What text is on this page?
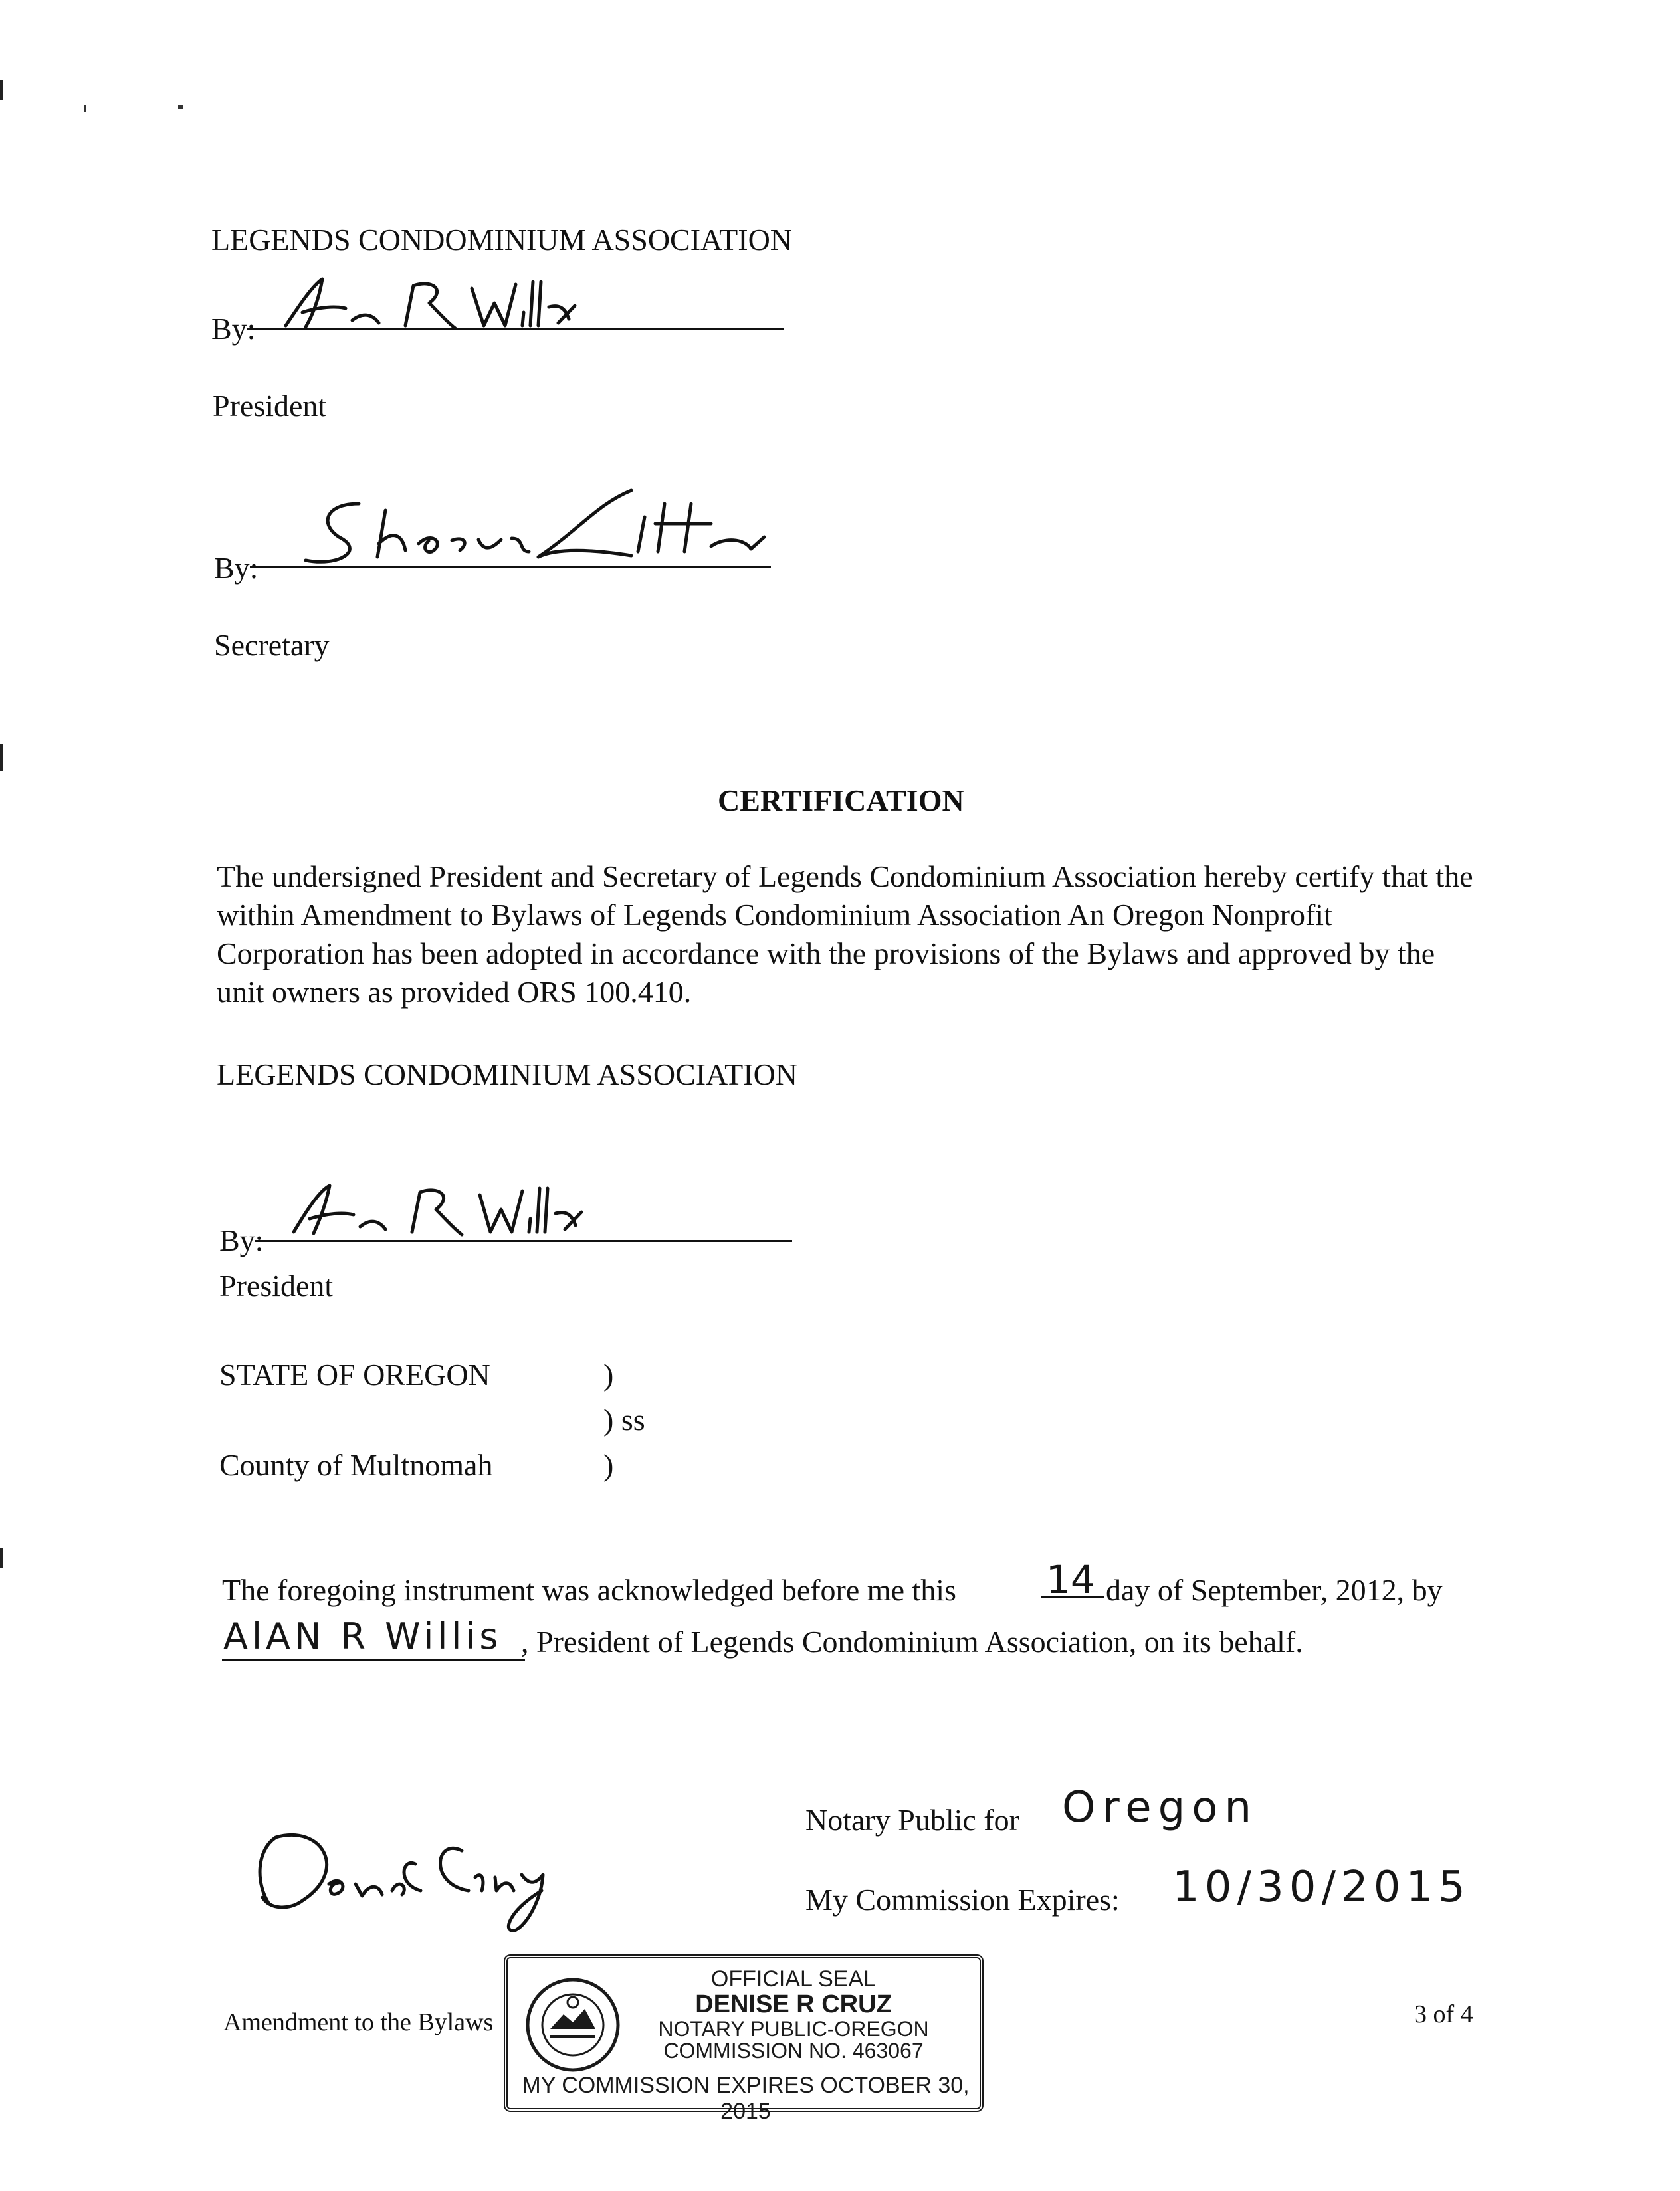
LEGENDS CONDOMINIUM ASSOCIATION
By:
President
By:
Secretary
CERTIFICATION
The undersigned President and Secretary of Legends Condominium Association hereby certify that the within Amendment to Bylaws of Legends Condominium Association An Oregon Nonprofit Corporation has been adopted in accordance with the provisions of the Bylaws and approved by the unit owners as provided ORS 100.410.
LEGENDS CONDOMINIUM ASSOCIATION
By:
President
STATE OF OREGON	)
) ss
County of Multnomah	)
The foregoing instrument was acknowledged before me this 14 day of September, 2012, by
AlAN R Willis , President of Legends Condominium Association, on its behalf.
Notary Public for Oregon
My Commission Expires: 10/30/2015
Amendment to the Bylaws	3 of 4
OFFICIAL SEAL
DENISE R CRUZ
NOTARY PUBLIC-OREGON
COMMISSION NO. 463067
MY COMMISSION EXPIRES OCTOBER 30, 2015
